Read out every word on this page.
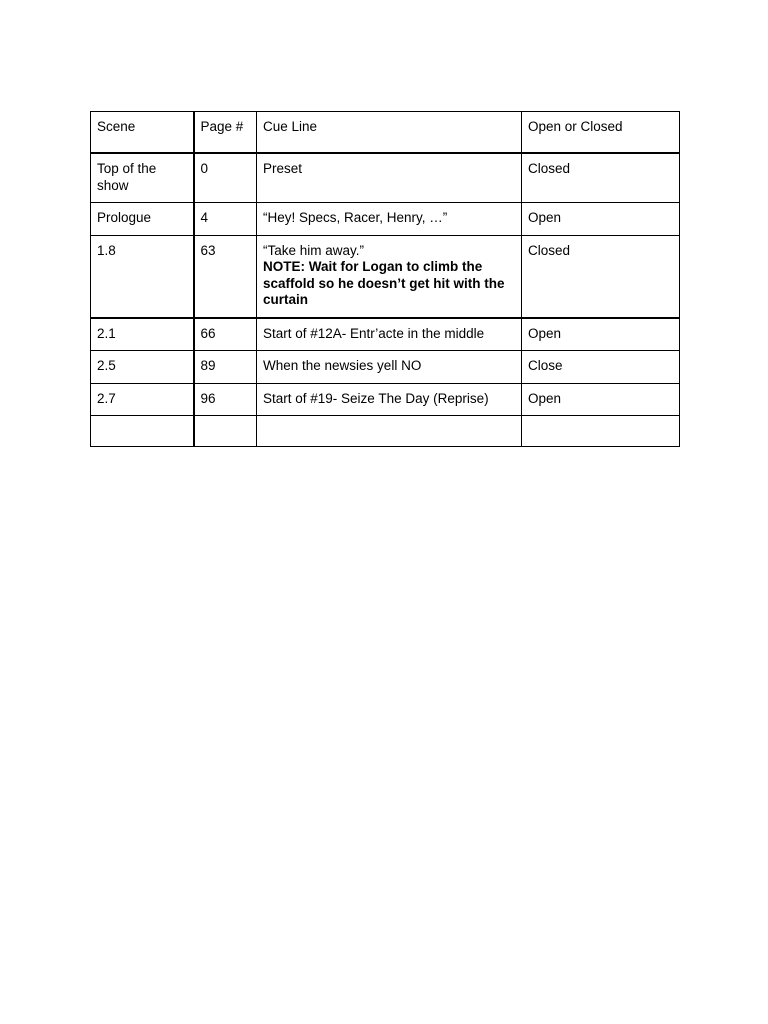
Scene	Page #	Cue Line	Open or Closed
Top of the show	0	Preset	Closed
Prologue	4	“Hey! Specs, Racer, Henry, …”	Open
1.8	63	“Take him away.”
NOTE: Wait for Logan to climb the scaffold so he doesn’t get hit with the curtain	Closed
2.1	66	Start of #12A- Entr’acte in the middle	Open
2.5	89	When the newsies yell NO	Close
2.7	96	Start of #19- Seize The Day (Reprise)	Open
